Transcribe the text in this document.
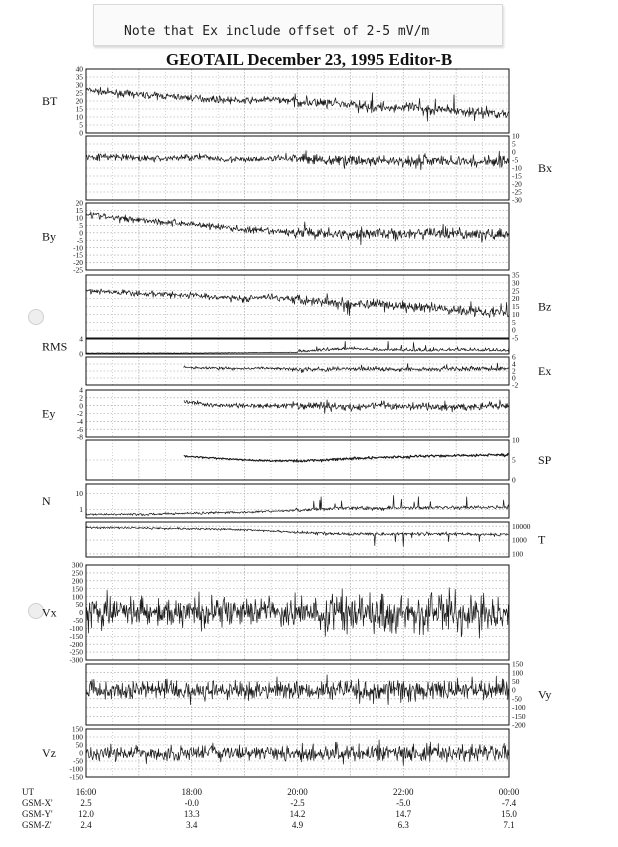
Note that Ex include offset of 2-5 mV/m
GEOTAIL December 23, 1995 Editor-B
40
35
30
25
20
15
10
5
0
BT
10
5
0
-5
-10
-15
-20
-25
-30
Bx
20
15
10
5
0
-5
-10
-15
-20
-25
By
35
30
25
20
15
10
5
0
-5
Bz
4
0
RMS
6
4
2
0
-2
Ex
4
2
0
-2
-4
-6
-8
Ey
10
5
0
SP
10
1
N
10000
1000
100
T
300
250
200
150
100
50
0
-50
-100
-150
-200
-250
-300
Vx
150
100
50
0
-50
-100
-150
-200
Vy
150
100
50
0
-50
-100
-150
Vz
UT	16:00	18:00	20:00	22:00	00:00
GSM-X'	2.5	-0.0	-2.5	-5.0	-7.4
GSM-Y'	12.0	13.3	14.2	14.7	15.0
GSM-Z'	2.4	3.4	4.9	6.3	7.1
